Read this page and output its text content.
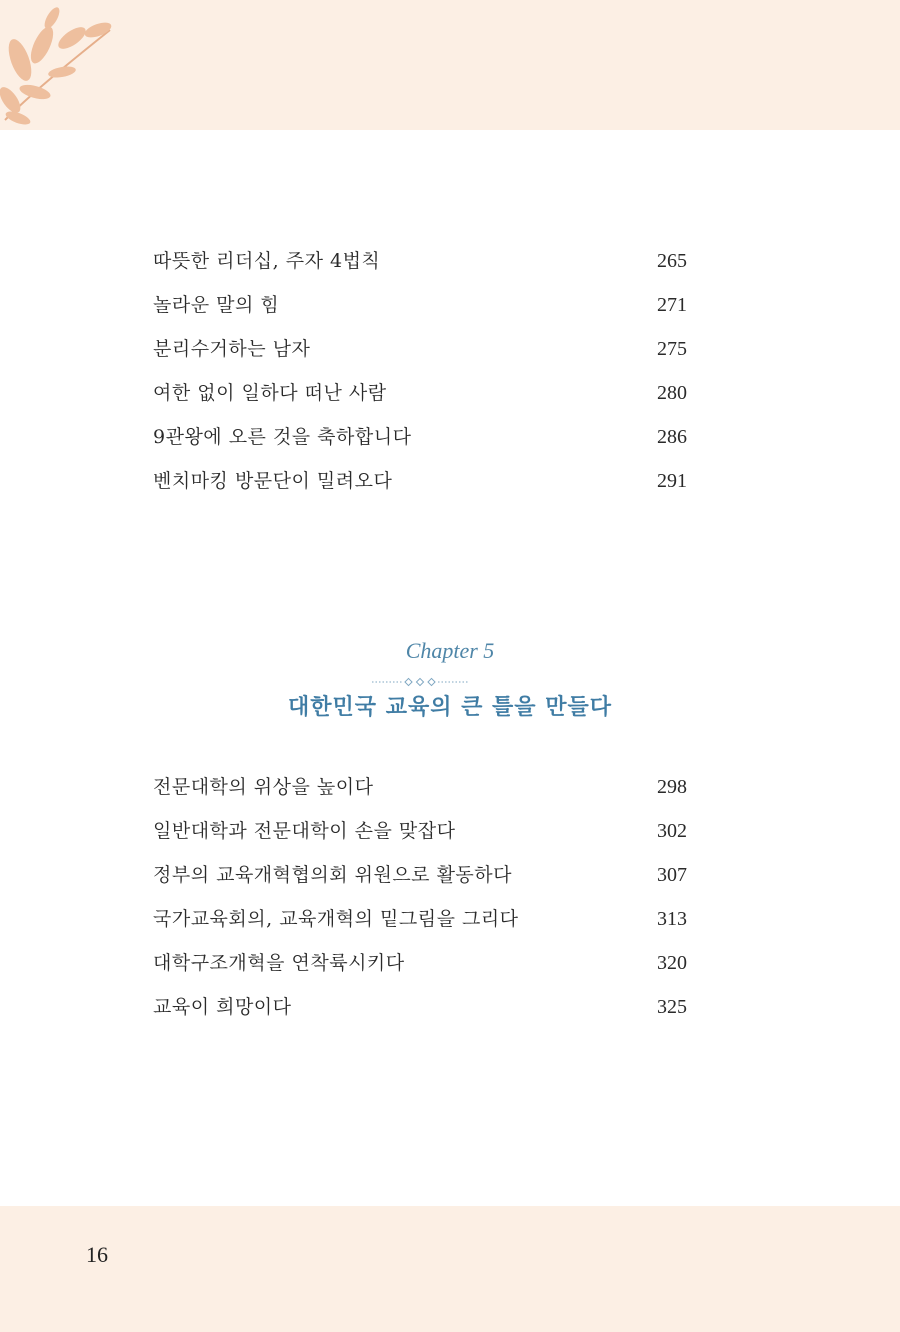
따뜻한 리더십, 주자 4법칙	265
놀라운 말의 힘	271
분리수거하는 남자	275
여한 없이 일하다 떠난 사람	280
9관왕에 오른 것을 축하합니다	286
벤치마킹 방문단이 밀려오다	291
Chapter 5
대한민국 교육의 큰 틀을 만들다
전문대학의 위상을 높이다	298
일반대학과 전문대학이 손을 맞잡다	302
정부의 교육개혁협의회 위원으로 활동하다	307
국가교육회의, 교육개혁의 밑그림을 그리다	313
대학구조개혁을 연착륙시키다	320
교육이 희망이다	325
16
